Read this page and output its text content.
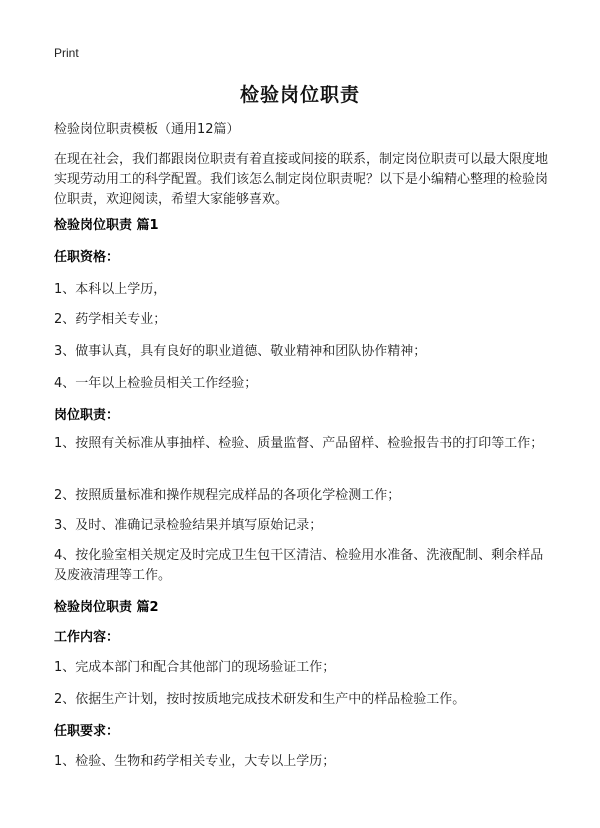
Print
检验岗位职责
检验岗位职责模板（通用12篇）
在现在社会，我们都跟岗位职责有着直接或间接的联系，制定岗位职责可以最大限度地实现劳动用工的科学配置。我们该怎么制定岗位职责呢？以下是小编精心整理的检验岗位职责，欢迎阅读，希望大家能够喜欢。
检验岗位职责 篇1
任职资格：
1、本科以上学历，
2、药学相关专业；
3、做事认真，具有良好的职业道德、敬业精神和团队协作精神；
4、一年以上检验员相关工作经验；
岗位职责：
1、按照有关标准从事抽样、检验、质量监督、产品留样、检验报告书的打印等工作；
2、按照质量标准和操作规程完成样品的各项化学检测工作；
3、及时、准确记录检验结果并填写原始记录；
4、按化验室相关规定及时完成卫生包干区清洁、检验用水准备、洗液配制、剩余样品及废液清理等工作。
检验岗位职责 篇2
工作内容：
1、完成本部门和配合其他部门的现场验证工作；
2、依据生产计划，按时按质地完成技术研发和生产中的样品检验工作。
任职要求：
1、检验、生物和药学相关专业，大专以上学历；
